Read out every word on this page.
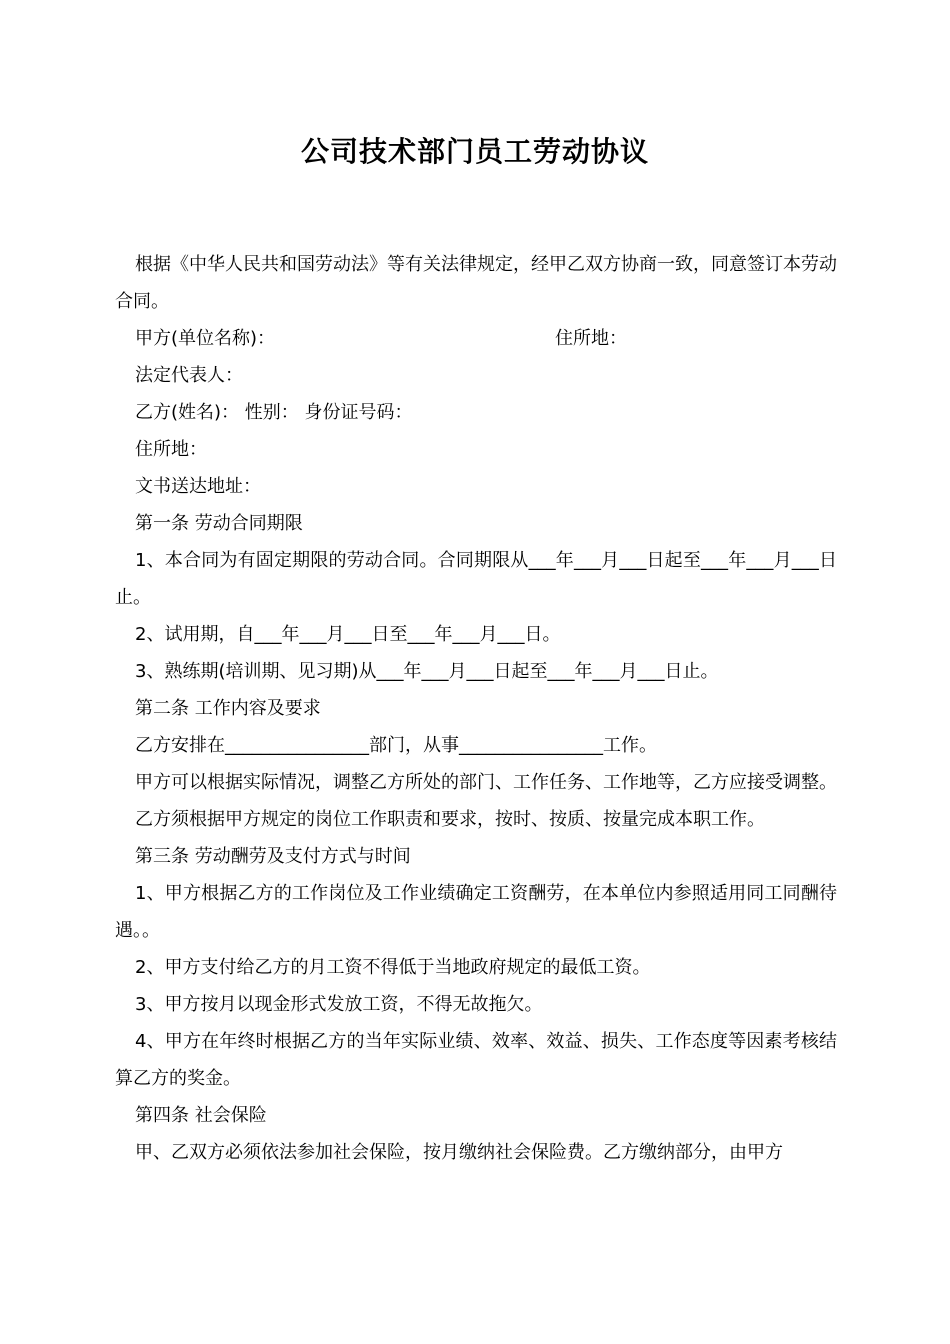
公司技术部门员工劳动协议

根据《中华人民共和国劳动法》等有关法律规定，经甲乙双方协商一致，同意签订本劳动合同。

甲方(单位名称)：	住所地：

法定代表人：

乙方(姓名)： 性别： 身份证号码：

住所地：

文书送达地址：

第一条 劳动合同期限

1、本合同为有固定期限的劳动合同。合同期限从___年___月___日起至___年___月___日止。

2、试用期，自___年___月___日至___年___月___日。

3、熟练期(培训期、见习期)从___年___月___日起至___年___月___日止。

第二条 工作内容及要求

乙方安排在________________部门，从事________________工作。

甲方可以根据实际情况，调整乙方所处的部门、工作任务、工作地等，乙方应接受调整。

乙方须根据甲方规定的岗位工作职责和要求，按时、按质、按量完成本职工作。

第三条 劳动酬劳及支付方式与时间

1、甲方根据乙方的工作岗位及工作业绩确定工资酬劳，在本单位内参照适用同工同酬待遇。。

2、甲方支付给乙方的月工资不得低于当地政府规定的最低工资。

3、甲方按月以现金形式发放工资，不得无故拖欠。

4、甲方在年终时根据乙方的当年实际业绩、效率、效益、损失、工作态度等因素考核结算乙方的奖金。

第四条 社会保险

甲、乙双方必须依法参加社会保险，按月缴纳社会保险费。乙方缴纳部分，由甲方
